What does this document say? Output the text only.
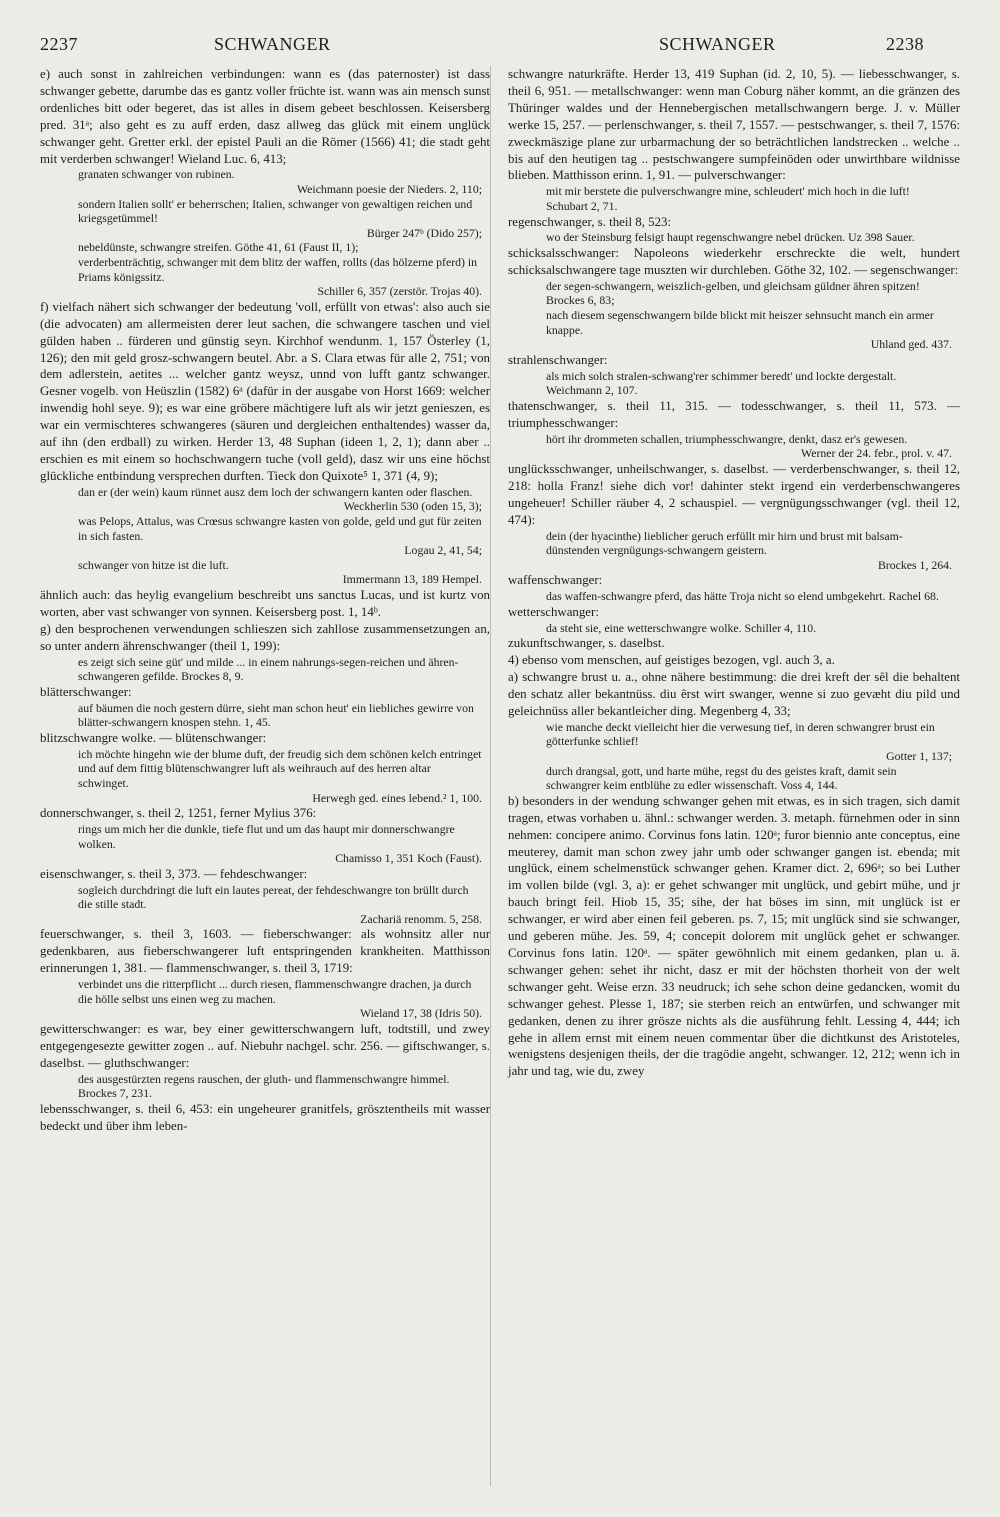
2237	SCHWANGER	SCHWANGER	2238

e) auch sonst in zahlreichen verbindungen: wann es (das paternoster) ist dass schwanger gebette, darumbe das es gantz voller früchte ist. wann was ain mensch sunst ordenliches bitt oder begeret, das ist alles in disem gebeet beschlossen. Keisersberg pred. 31ᵃ; also geht es zu auff erden, dasz allweg das glück mit einem unglück schwanger geht. Gretter erkl. der epistel Pauli an die Römer (1566) 41; die stadt geht mit verderben schwanger! Wieland Luc. 6, 413;

granaten schwanger von rubinen.

Weichmann poesie der Nieders. 2, 110;

sondern Italien sollt' er beherrschen; Italien, schwanger von gewaltigen reichen und kriegsgetümmel!

Bürger 247ᵇ (Dido 257);

nebeldünste, schwangre streifen. Göthe 41, 61 (Faust II, 1);

verderbenträchtig, schwanger mit dem blitz der waffen, rollts (das hölzerne pferd) in Priams königssitz.

Schiller 6, 357 (zerstör. Trojas 40).

f) vielfach nähert sich schwanger der bedeutung 'voll, erfüllt von etwas': also auch sie (die advocaten) am allermeisten derer leut sachen, die schwangere taschen und viel gülden haben .. fürderen und günstig seyn. Kirchhof wendunm. 1, 157 Österley (1, 126); den mit geld grosz-schwangern beutel. Abr. a S. Clara etwas für alle 2, 751; von dem adlerstein, aetites ... welcher gantz weysz, unnd von lufft gantz schwanger. Gesner vogelb. von Heüszlin (1582) 6ᵃ (dafür in der ausgabe von Horst 1669: welcher inwendig hohl seye. 9); es war eine gröbere mächtigere luft als wir jetzt genieszen, es war ein vermischteres schwangeres (säuren und dergleichen enthaltendes) wasser da, auf ihn (den erdball) zu wirken. Herder 13, 48 Suphan (ideen 1, 2, 1); dann aber .. erschien es mit einem so hochschwangern tuche (voll geld), dasz wir uns eine höchst glückliche entbindung versprechen durften. Tieck don Quixote⁵ 1, 371 (4, 9);

dan er (der wein) kaum rünnet ausz dem loch der schwangern kanten oder flaschen.

Weckherlin 530 (oden 15, 3);

was Pelops, Attalus, was Crœsus schwangre kasten von golde, geld und gut für zeiten in sich fasten.

Logau 2, 41, 54;

schwanger von hitze ist die luft.

Immermann 13, 189 Hempel.

ähnlich auch: das heylig evangelium beschreibt uns sanctus Lucas, und ist kurtz von worten, aber vast schwanger von synnen. Keisersberg post. 1, 14ᵇ.

g) den besprochenen verwendungen schlieszen sich zahllose zusammensetzungen an, so unter andern ährenschwanger (theil 1, 199):

es zeigt sich seine güt' und milde ... in einem nahrungs-segen-reichen und ähren-schwangeren gefilde. Brockes 8, 9.

blätterschwanger:

auf bäumen die noch gestern dürre, sieht man schon heut' ein liebliches gewirre von blätter-schwangern knospen stehn. 1, 45.

blitzschwangre wolke. — blütenschwanger:

ich möchte hingehn wie der blume duft, der freudig sich dem schönen kelch entringet und auf dem fittig blütenschwangrer luft als weihrauch auf des herren altar schwinget.

Herwegh ged. eines lebend.² 1, 100.

donnerschwanger, s. theil 2, 1251, ferner Mylius 376:

rings um mich her die dunkle, tiefe flut und um das haupt mir donnerschwangre wolken.

Chamisso 1, 351 Koch (Faust).

eisenschwanger, s. theil 3, 373. — fehdeschwanger:

sogleich durchdringt die luft ein lautes pereat, der fehdeschwangre ton brüllt durch die stille stadt.

Zachariä renomm. 5, 258.

feuerschwanger, s. theil 3, 1603. — fieberschwanger: als wohnsitz aller nur gedenkbaren, aus fieberschwangerer luft entspringenden krankheiten. Matthisson erinnerungen 1, 381. — flammenschwanger, s. theil 3, 1719:

verbindet uns die ritterpflicht ... durch riesen, flammenschwangre drachen, ja durch die hölle selbst uns einen weg zu machen.

Wieland 17, 38 (Idris 50).

gewitterschwanger: es war, bey einer gewitterschwangern luft, todtstill, und zwey entgegengesezte gewitter zogen .. auf. Niebuhr nachgel. schr. 256. — giftschwanger, s. daselbst. — gluthschwanger:

des ausgestürzten regens rauschen, der gluth- und flammenschwangre himmel. Brockes 7, 231.

lebensschwanger, s. theil 6, 453: ein ungeheurer granitfels, grösztentheils mit wasser bedeckt und über ihm leben-

schwangre naturkräfte. Herder 13, 419 Suphan (id. 2, 10, 5). — liebesschwanger, s. theil 6, 951. — metallschwanger: wenn man Coburg näher kommt, an die gränzen des Thüringer waldes und der Hennebergischen metallschwangern berge. J. v. Müller werke 15, 257. — perlenschwanger, s. theil 7, 1557. — pestschwanger, s. theil 7, 1576: zweckmäszige plane zur urbarmachung der so beträchtlichen landstrecken .. welche .. bis auf den heutigen tag .. pestschwangere sumpfeinöden oder unwirthbare wildnisse blieben. Matthisson erinn. 1, 91. — pulverschwanger:

mit mir berstete die pulverschwangre mine, schleudert' mich hoch in die luft! Schubart 2, 71.

regenschwanger, s. theil 8, 523:

wo der Steinsburg felsigt haupt regenschwangre nebel drücken. Uz 398 Sauer.

schicksalsschwanger: Napoleons wiederkehr erschreckte die welt, hundert schicksalschwangere tage muszten wir durchleben. Göthe 32, 102. — segenschwanger:

der segen-schwangern, weiszlich-gelben, und gleichsam güldner ähren spitzen! Brockes 6, 83;

nach diesem segenschwangern bilde blickt mit heiszer sehnsucht manch ein armer knappe.

Uhland ged. 437.

strahlenschwanger:

als mich solch stralen-schwang'rer schimmer beredt' und lockte dergestalt. Weichmann 2, 107.

thatenschwanger, s. theil 11, 315. — todesschwanger, s. theil 11, 573. — triumphesschwanger:

hört ihr drommeten schallen, triumphesschwangre, denkt, dasz er's gewesen.

Werner der 24. febr., prol. v. 47.

unglücksschwanger, unheilschwanger, s. daselbst. — verderbenschwanger, s. theil 12, 218: holla Franz! siehe dich vor! dahinter stekt irgend ein verderbenschwangeres ungeheuer! Schiller räuber 4, 2 schauspiel. — vergnügungsschwanger (vgl. theil 12, 474):

dein (der hyacinthe) lieblicher geruch erfüllt mir hirn und brust mit balsam-dünstenden vergnügungs-schwangern geistern.

Brockes 1, 264.

waffenschwanger:

das waffen-schwangre pferd, das hätte Troja nicht so elend umbgekehrt. Rachel 68.

wetterschwanger:

da steht sie, eine wetterschwangre wolke. Schiller 4, 110.

zukunftschwanger, s. daselbst.

4) ebenso vom menschen, auf geistiges bezogen, vgl. auch 3, a.

a) schwangre brust u. a., ohne nähere bestimmung: die drei kreft der sêl die behaltent den schatz aller bekantnüss. diu êrst wirt swanger, wenne si zuo gevæht diu pild und geleichnüss aller bekantleicher ding. Megenberg 4, 33;

wie manche deckt vielleicht hier die verwesung tief, in deren schwangrer brust ein götterfunke schlief!

Gotter 1, 137;

durch drangsal, gott, und harte mühe, regst du des geistes kraft, damit sein schwangrer keim entblühe zu edler wissenschaft. Voss 4, 144.

b) besonders in der wendung schwanger gehen mit etwas, es in sich tragen, sich damit tragen, etwas vorhaben u. ähnl.: schwanger werden. 3. metaph. fürnehmen oder in sinn nehmen: concipere animo. Corvinus fons latin. 120ᵃ; furor biennio ante conceptus, eine meuterey, damit man schon zwey jahr umb oder schwanger gangen ist. ebenda; mit unglück, einem schelmenstück schwanger gehen. Kramer dict. 2, 696ᵃ; so bei Luther im vollen bilde (vgl. 3, a): er gehet schwanger mit unglück, und gebirt mühe, und jr bauch bringt feil. Hiob 15, 35; sihe, der hat böses im sinn, mit unglück ist er schwanger, er wird aber einen feil geberen. ps. 7, 15; mit unglück sind sie schwanger, und geberen mühe. Jes. 59, 4; concepit dolorem mit unglück gehet er schwanger. Corvinus fons latin. 120ᵃ. — später gewöhnlich mit einem gedanken, plan u. ä. schwanger gehen: sehet ihr nicht, dasz er mit der höchsten thorheit von der welt schwanger geht. Weise erzn. 33 neudruck; ich sehe schon deine gedancken, womit du schwanger gehest. Plesse 1, 187; sie sterben reich an entwürfen, und schwanger mit gedanken, denen zu ihrer grösze nichts als die ausführung fehlt. Lessing 4, 444; ich gehe in allem ernst mit einem neuen commentar über die dichtkunst des Aristoteles, wenigstens desjenigen theils, der die tragödie angeht, schwanger. 12, 212; wenn ich in jahr und tag, wie du, zwey
